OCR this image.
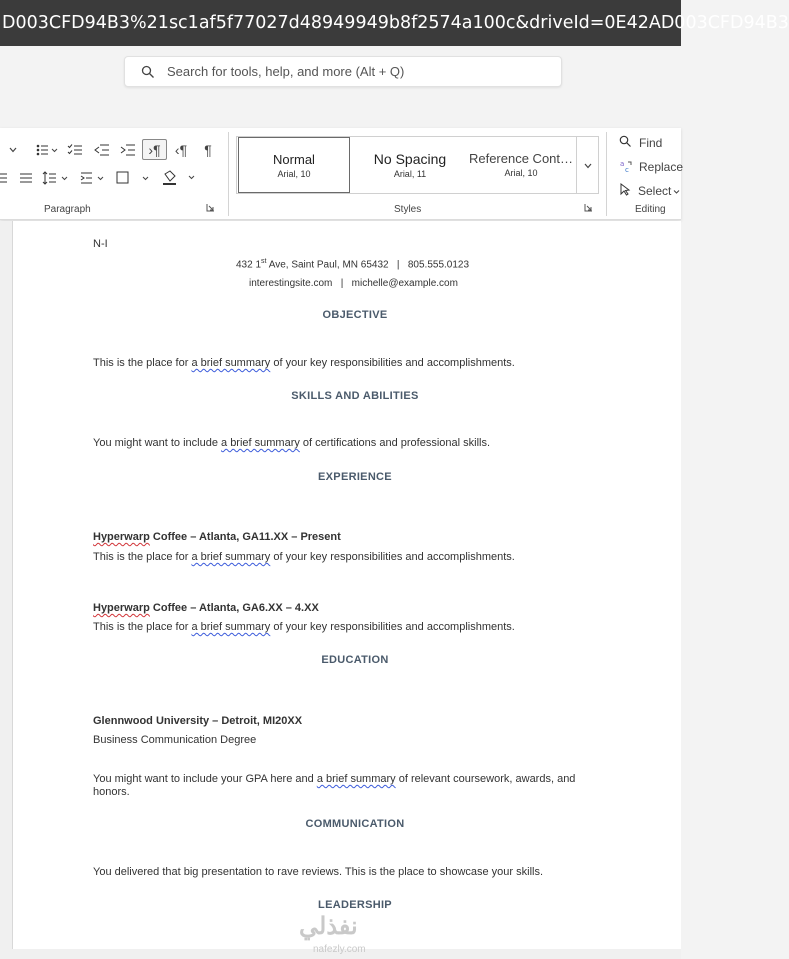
D003CFD94B3%21sc1af5f77027d48949949b8f2574a100c&driveId=0E42AD003CFD94B3
Search for tools, help, and more (Alt + Q)
›¶ ‹¶ ¶
Paragraph
Normal
Arial, 10
No Spacing
Arial, 11
Reference Cont…
Arial, 10
Styles
Find
a
c Replace
Select
Editing
N-I
432 1st Ave, Saint Paul, MN 65432   |   805.555.0123
interestingsite.com   |   michelle@example.com
OBJECTIVE
This is the place for a brief summary of your key responsibilities and accomplishments.
SKILLS AND ABILITIES
You might want to include a brief summary of certifications and professional skills.
EXPERIENCE
Hyperwarp Coffee – Atlanta, GA11.XX – Present
This is the place for a brief summary of your key responsibilities and accomplishments.
Hyperwarp Coffee – Atlanta, GA6.XX – 4.XX
This is the place for a brief summary of your key responsibilities and accomplishments.
EDUCATION
Glennwood University – Detroit, MI20XX
Business Communication Degree
You might want to include your GPA here and a brief summary of relevant coursework, awards, and
honors.
COMMUNICATION
You delivered that big presentation to rave reviews. This is the place to showcase your skills.
LEADERSHIP
نفذلي
nafezly.com
